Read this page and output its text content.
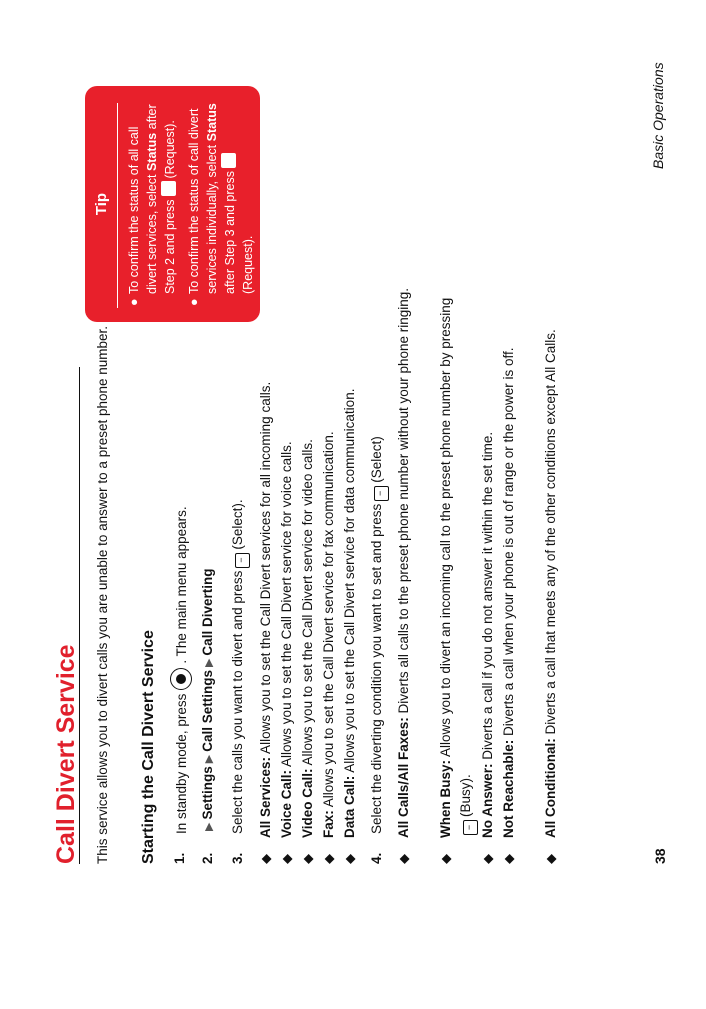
Call Divert Service This service allows you to divert calls you are unable to answer to a preset phone number. Starting the Call Divert Service 1.
In standby mode, press. The main menu appears.
2.
▶Settings▶Call Settings▶Call Diverting
3.
Select the calls you want to divert and press−(Select).
◆
All Services: Allows you to set the Call Divert services for all incoming calls.
◆
Voice Call: Allows you to set the Call Divert service for voice calls.
◆
Video Call: Allows you to set the Call Divert service for video calls.
◆
Fax: Allows you to set the Call Divert service for fax communication.
◆
Data Call: Allows you to set the Call Divert service for data communication.
4.
Select the diverting condition you want to set and press−(Select)
◆
All Calls/All Faxes: Diverts all calls to the preset phone number without your phone ringing.
◆
When Busy: Allows you to divert an incoming call to the preset phone number by pressing−(Busy).
◆
No Answer: Diverts a call if you do not answer it within the set time.
◆
Not Reachable: Diverts a call when your phone is out of range or the power is off.
◆
All Conditional: Diverts a call that meets any of the other conditions except All Calls.
Tip
●
To confirm the status of all call divert services, select Status after Step 2 and press(Request).
●
To confirm the status of call divert services individually, select Status after Step 3 and press (Request).
38
Basic Operations
